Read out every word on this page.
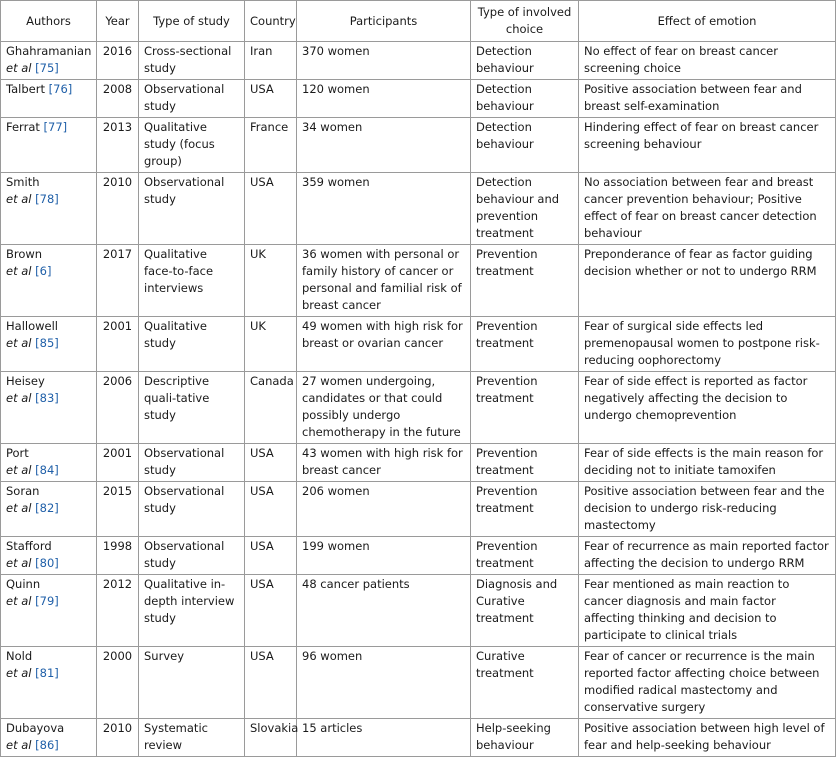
Authors	Year	Type of study	Country	Participants	Type of involved choice	Effect of emotion

Ghahramanian
et al [75]	2016	Cross-sectional study	Iran	370 women	Detection behaviour	No effect of fear on breast cancer screening choice
Talbert [76]	2008	Observational study	USA	120 women	Detection behaviour	Positive association between fear and breast self-examination
Ferrat [77]	2013	Qualitative study (focus group)	France	34 women	Detection behaviour	Hindering effect of fear on breast cancer screening behaviour

Smith
et al [78]	2010	Observational study	USA	359 women	Detection behaviour and prevention treatment	No association between fear and breast cancer prevention behaviour; Positive effect of fear on breast cancer detection behaviour

Brown
et al [6]	2017	Qualitative face-to-face interviews	UK	36 women with personal or family history of cancer or personal and familial risk of breast cancer	Prevention treatment	Preponderance of fear as factor guiding decision whether or not to undergo RRM

Hallowell
et al [85]	2001	Qualitative study	UK	49 women with high risk for breast or ovarian cancer	Prevention treatment	Fear of surgical side effects led premenopausal women to postpone risk-reducing oophorectomy

Heisey
et al [83]	2006	Descriptive quali-tative study	Canada	27 women undergoing, candidates or that could possibly undergo chemotherapy in the future	Prevention treatment	Fear of side effect is reported as factor negatively affecting the decision to undergo chemoprevention

Port
et al [84]	2001	Observational study	USA	43 women with high risk for breast cancer	Prevention treatment	Fear of side effects is the main reason for deciding not to initiate tamoxifen

Soran
et al [82]	2015	Observational study	USA	206 women	Prevention treatment	Positive association between fear and the decision to undergo risk-reducing mastectomy

Stafford
et al [80]	1998	Observational study	USA	199 women	Prevention treatment	Fear of recurrence as main reported factor affecting the decision to undergo RRM

Quinn
et al [79]	2012	Qualitative in-depth interview study	USA	48 cancer patients	Diagnosis and Curative treatment	Fear mentioned as main reaction to cancer diagnosis and main factor affecting thinking and decision to participate to clinical trials

Nold
et al [81]	2000	Survey	USA	96 women	Curative treatment	Fear of cancer or recurrence is the main reported factor affecting choice between modified radical mastectomy and conservative surgery

Dubayova
et al [86]	2010	Systematic review	Slovakia	15 articles	Help-seeking behaviour	Positive association between high level of fear and help-seeking behaviour
